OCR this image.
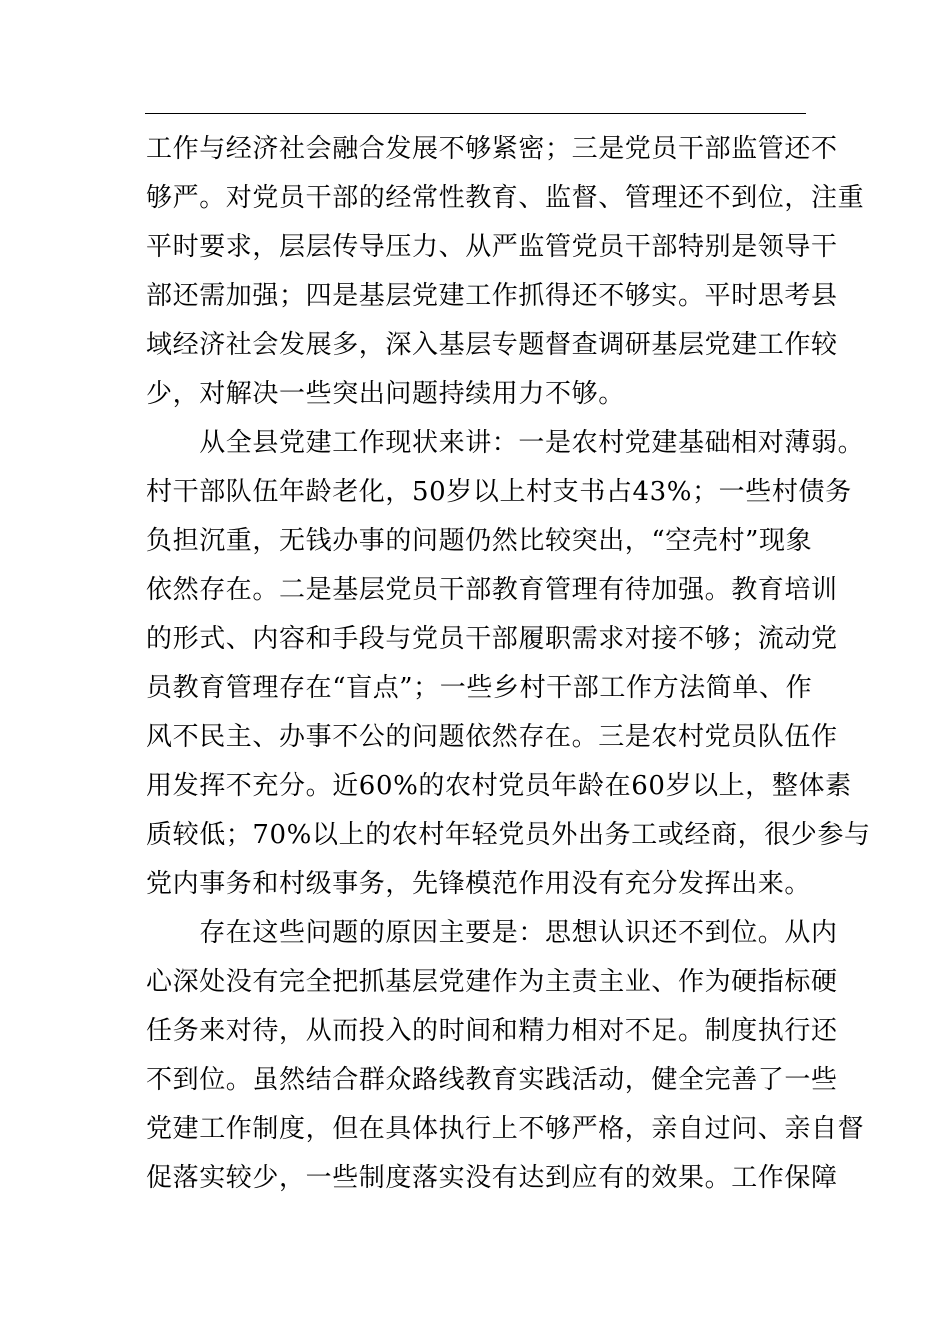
工作与经济社会融合发展不够紧密；三是党员干部监管还不
够严。对党员干部的经常性教育、监督、管理还不到位，注重
平时要求，层层传导压力、从严监管党员干部特别是领导干
部还需加强；四是基层党建工作抓得还不够实。平时思考县
域经济社会发展多，深入基层专题督查调研基层党建工作较
少，对解决一些突出问题持续用力不够。
　　从全县党建工作现状来讲：一是农村党建基础相对薄弱。
村干部队伍年龄老化，50岁以上村支书占43%；一些村债务
负担沉重，无钱办事的问题仍然比较突出，“空壳村”现象
依然存在。二是基层党员干部教育管理有待加强。教育培训
的形式、内容和手段与党员干部履职需求对接不够；流动党
员教育管理存在“盲点”；一些乡村干部工作方法简单、作
风不民主、办事不公的问题依然存在。三是农村党员队伍作
用发挥不充分。近60%的农村党员年龄在60岁以上，整体素
质较低；70%以上的农村年轻党员外出务工或经商，很少参与
党内事务和村级事务，先锋模范作用没有充分发挥出来。
　　存在这些问题的原因主要是：思想认识还不到位。从内
心深处没有完全把抓基层党建作为主责主业、作为硬指标硬
任务来对待，从而投入的时间和精力相对不足。制度执行还
不到位。虽然结合群众路线教育实践活动，健全完善了一些
党建工作制度，但在具体执行上不够严格，亲自过问、亲自督
促落实较少，一些制度落实没有达到应有的效果。工作保障
